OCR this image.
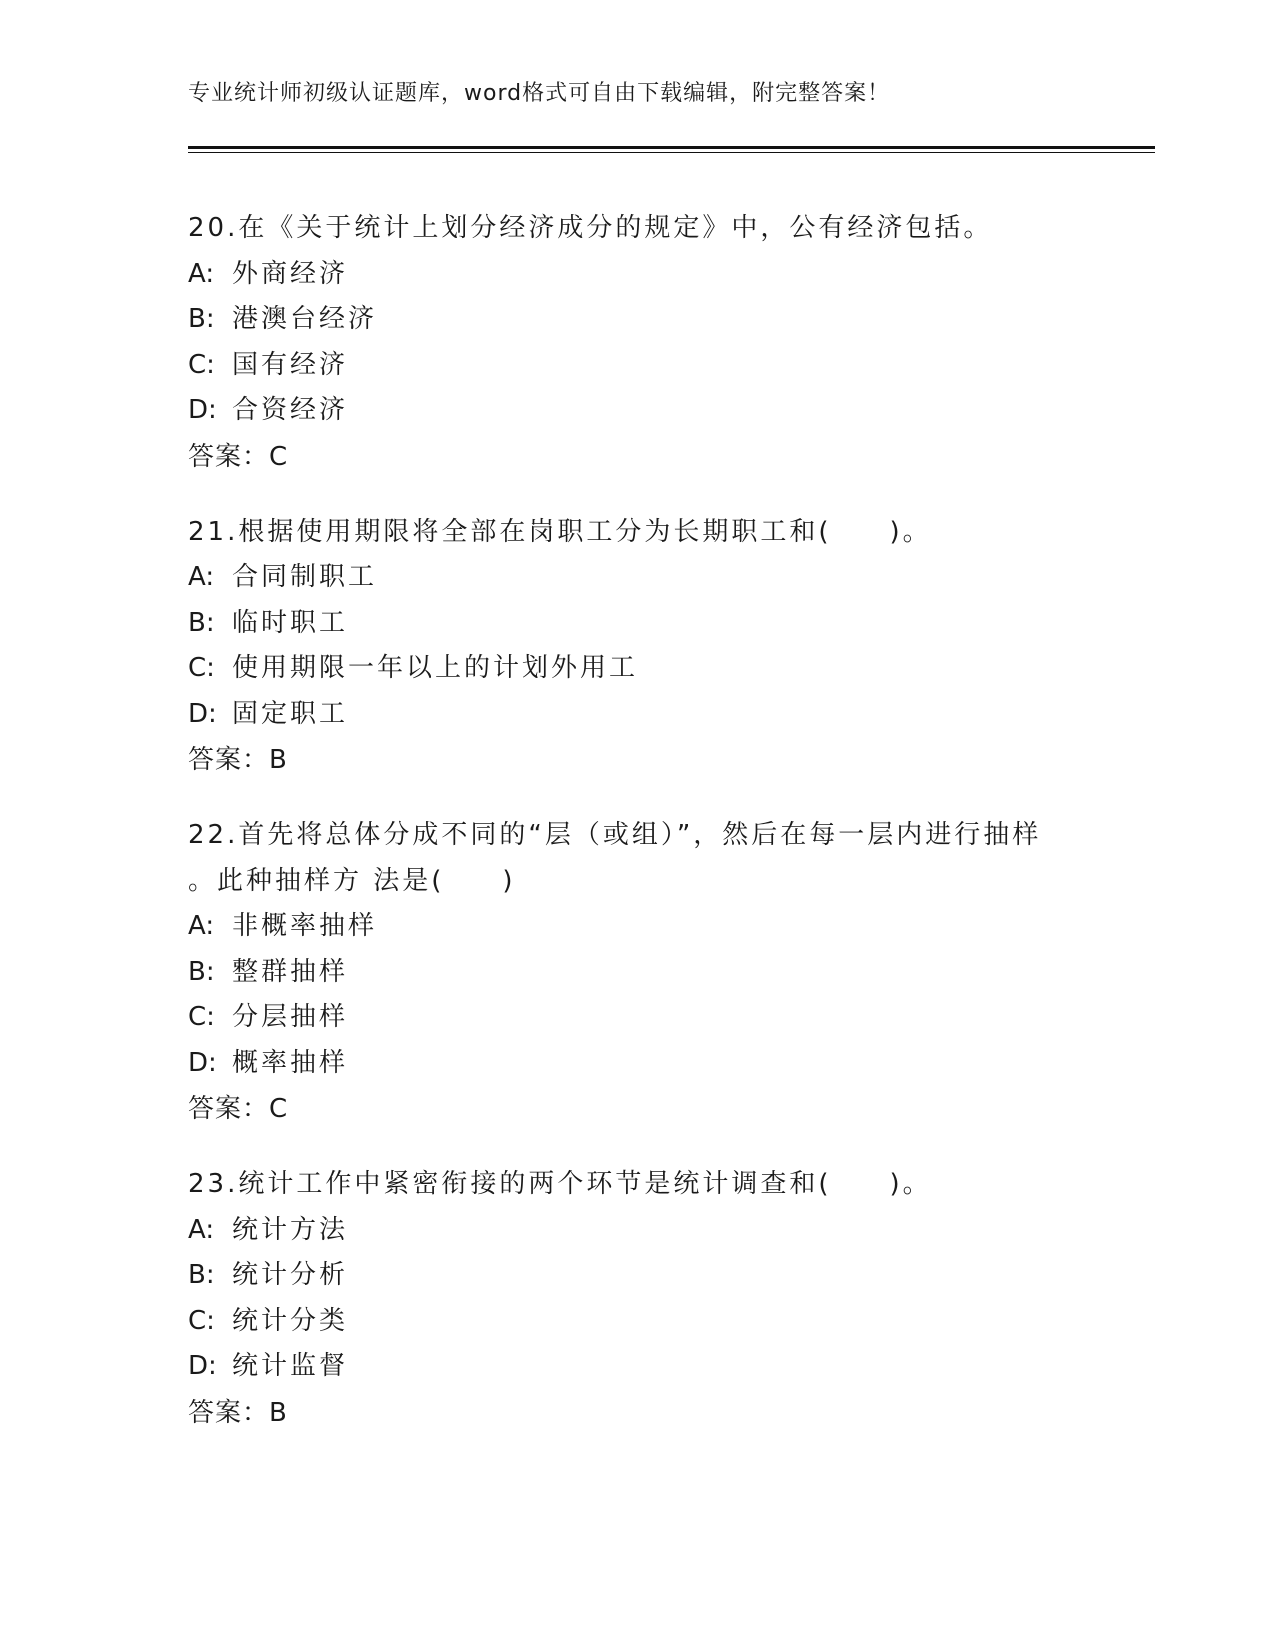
专业统计师初级认证题库，word格式可自由下载编辑，附完整答案！
20.在《关于统计上划分经济成分的规定》中，公有经济包括。
A: 外商经济
B: 港澳台经济
C: 国有经济
D: 合资经济
答案：C
21.根据使用期限将全部在岗职工分为长期职工和(　　)。
A: 合同制职工
B: 临时职工
C: 使用期限一年以上的计划外用工
D: 固定职工
答案：B
22.首先将总体分成不同的“层（或组）”，然后在每一层内进行抽样
。此种抽样方 法是(　　)
A: 非概率抽样
B: 整群抽样
C: 分层抽样
D: 概率抽样
答案：C
23.统计工作中紧密衔接的两个环节是统计调查和(　　)。
A: 统计方法
B: 统计分析
C: 统计分类
D: 统计监督
答案：B
